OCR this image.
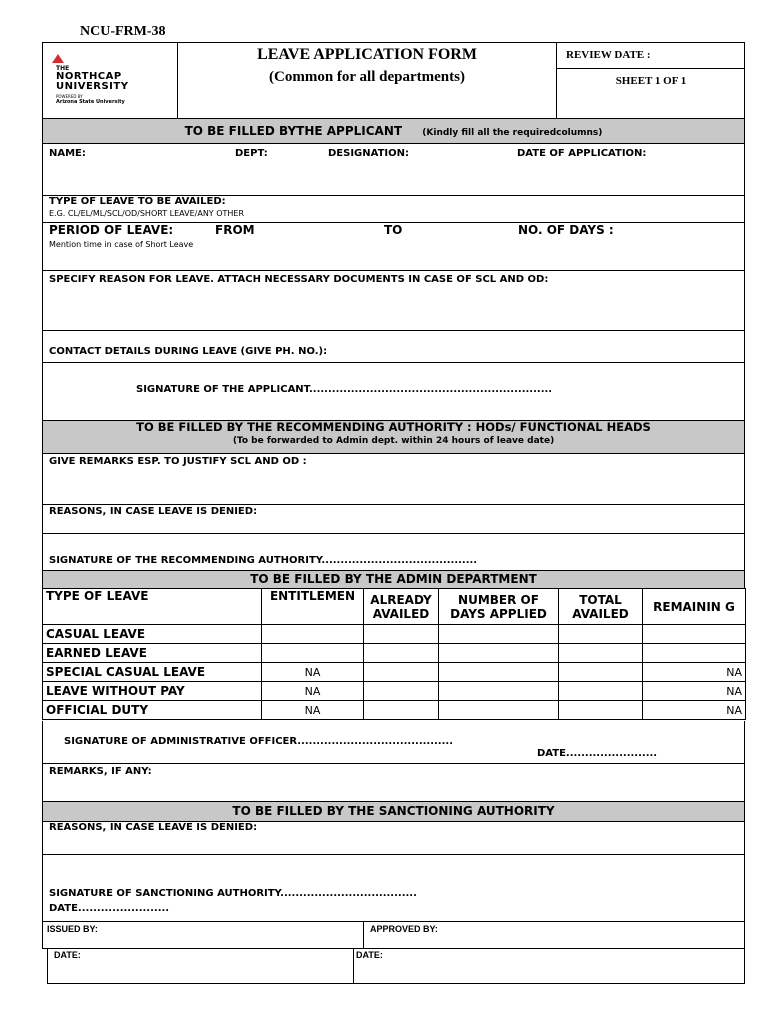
NCU-FRM-38
THE
NORTHCAP
UNIVERSITY
POWERED BY
Arizona State University
LEAVE APPLICATION FORM
(Common for all departments)
REVIEW DATE :
SHEET 1 OF 1
TO BE FILLED BYTHE APPLICANT (Kindly fill all the requiredcolumns)
NAME:	DEPT:	DESIGNATION:	DATE OF APPLICATION:
TYPE OF LEAVE TO BE AVAILED:
E.G. CL/EL/ML/SCL/OD/SHORT LEAVE/ANY OTHER
PERIOD OF LEAVE:	FROM	TO	NO. OF DAYS :
Mention time in case of Short Leave
SPECIFY REASON FOR LEAVE. ATTACH NECESSARY DOCUMENTS IN CASE OF SCL AND OD:
CONTACT DETAILS DURING LEAVE (GIVE PH. NO.):
SIGNATURE OF THE APPLICANT................................................................
TO BE FILLED BY THE RECOMMENDING AUTHORITY : HODs/ FUNCTIONAL HEADS
(To be forwarded to Admin dept. within 24 hours of leave date)
GIVE REMARKS ESP. TO JUSTIFY SCL AND OD :
REASONS, IN CASE LEAVE IS DENIED:
SIGNATURE OF THE RECOMMENDING AUTHORITY.........................................
TO BE FILLED BY THE ADMIN DEPARTMENT
TYPE OF LEAVE	ENTITLEMEN	ALREADY AVAILED	NUMBER OF DAYS APPLIED	TOTAL AVAILED	REMAININ G
CASUAL LEAVE					
EARNED LEAVE					
SPECIAL CASUAL LEAVE	NA				NA
LEAVE WITHOUT PAY	NA				NA
OFFICIAL DUTY	NA				NA
SIGNATURE OF ADMINISTRATIVE OFFICER.........................................
DATE........................
REMARKS, IF ANY:
TO BE FILLED BY THE SANCTIONING AUTHORITY
REASONS, IN CASE LEAVE IS DENIED:
SIGNATURE OF SANCTIONING AUTHORITY....................................
DATE........................
ISSUED BY:	APPROVED BY:
DATE:	DATE:
